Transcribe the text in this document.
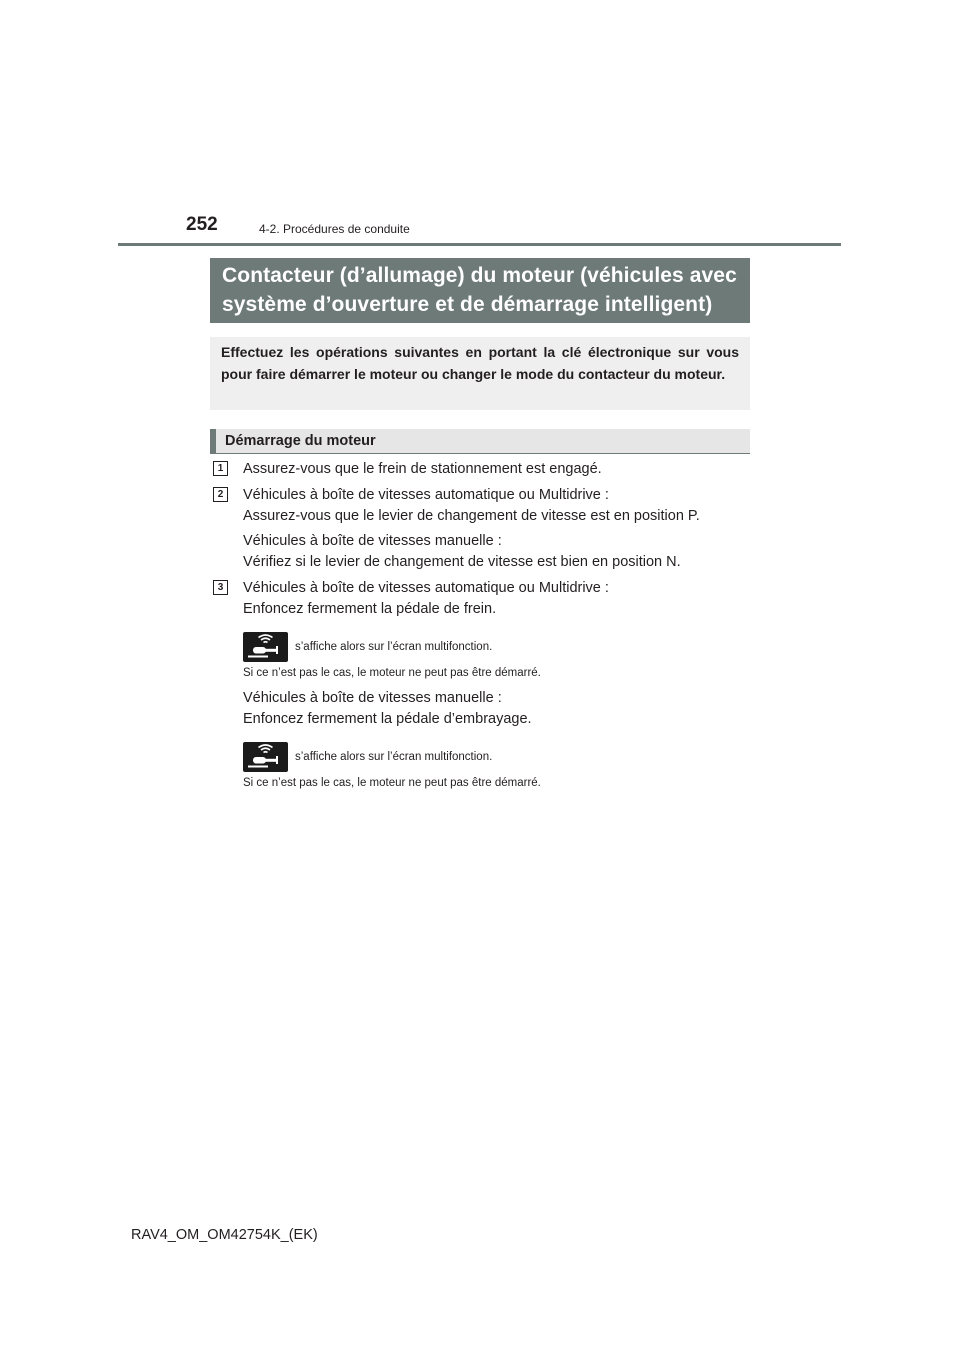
252	4-2. Procédures de conduite
Contacteur (d’allumage) du moteur (véhicules avec
système d’ouverture et de démarrage intelligent)
Effectuez les opérations suivantes en portant la clé électronique sur vous pour faire démarrer le moteur ou changer le mode du contacteur du moteur.
Démarrage du moteur
1	Assurez-vous que le frein de stationnement est engagé.
2	Véhicules à boîte de vitesses automatique ou Multidrive :
Assurez-vous que le levier de changement de vitesse est en position P.
Véhicules à boîte de vitesses manuelle :
Vérifiez si le levier de changement de vitesse est bien en position N.
3	Véhicules à boîte de vitesses automatique ou Multidrive :
Enfoncez fermement la pédale de frein.
s’affiche alors sur l’écran multifonction.
Si ce n’est pas le cas, le moteur ne peut pas être démarré.
Véhicules à boîte de vitesses manuelle :
Enfoncez fermement la pédale d’embrayage.
s’affiche alors sur l’écran multifonction.
Si ce n’est pas le cas, le moteur ne peut pas être démarré.
RAV4_OM_OM42754K_(EK)
